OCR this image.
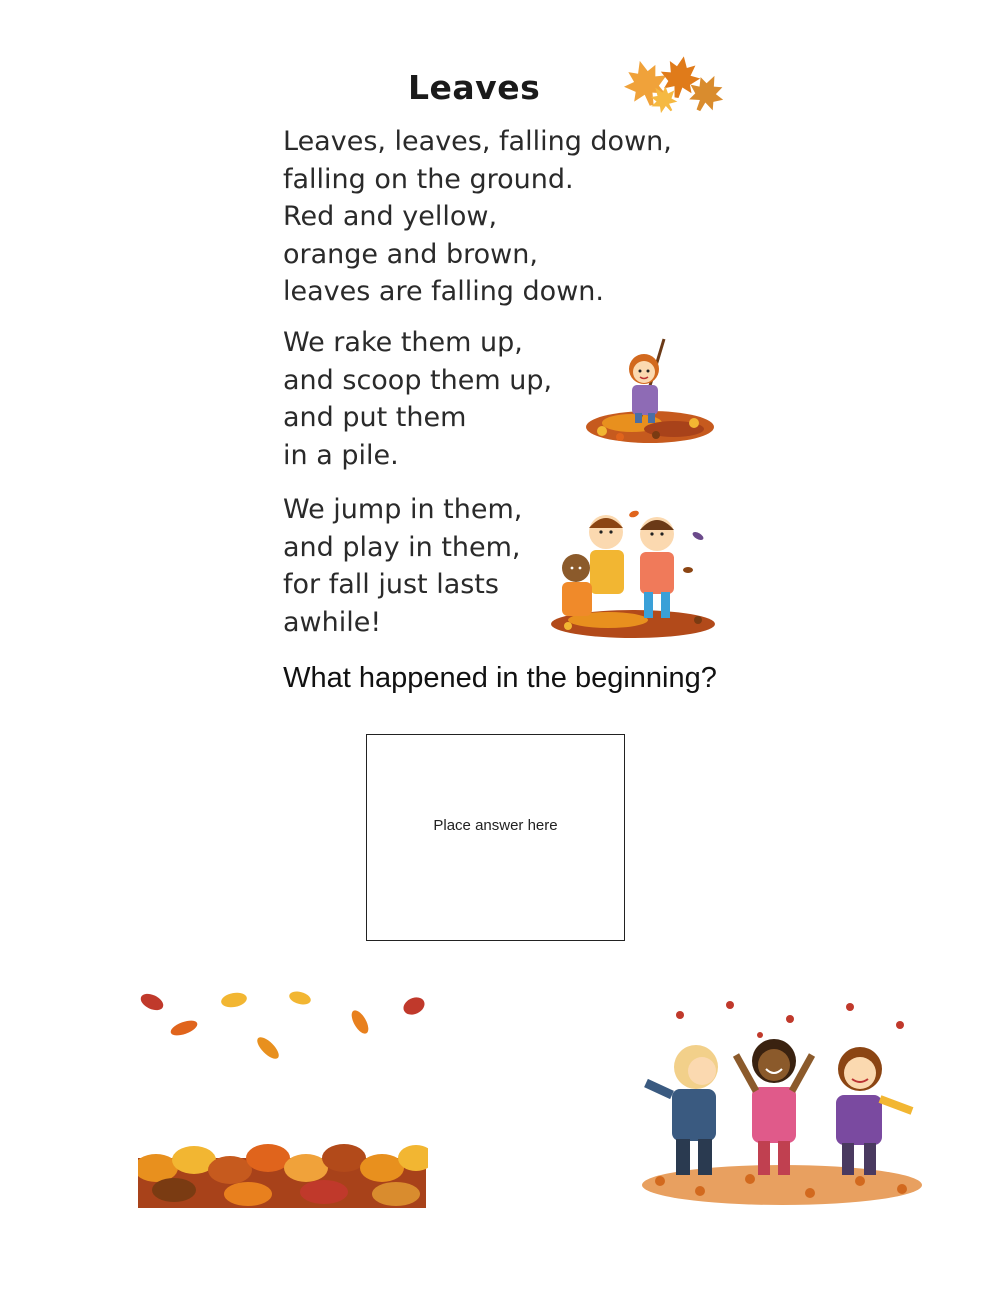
Leaves
Leaves, leaves, falling down,
falling on the ground.
Red and yellow,
orange and brown,
leaves are falling down.
We rake them up,
and scoop them up,
and put them
in a pile.
We jump in them,
and play in them,
for fall just lasts
awhile!
What happened in the beginning?
Place answer here
